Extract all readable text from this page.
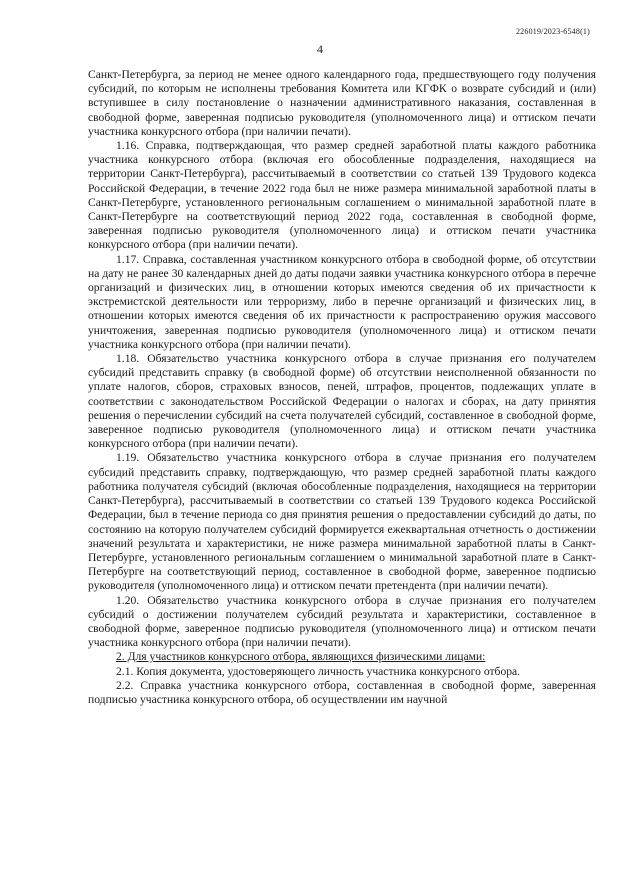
226019/2023-6548(1)
4

Санкт-Петербурга, за период не менее одного календарного года, предшествующего году получения субсидий, по которым не исполнены требования Комитета или КГФК о возврате субсидий и (или) вступившее в силу постановление о назначении административного наказания, составленная в свободной форме, заверенная подписью руководителя (уполномоченного лица) и оттиском печати участника конкурсного отбора (при наличии печати).

1.16. Справка, подтверждающая, что размер средней заработной платы каждого работника участника конкурсного отбора (включая его обособленные подразделения, находящиеся на территории Санкт-Петербурга), рассчитываемый в соответствии со статьей 139 Трудового кодекса Российской Федерации, в течение 2022 года был не ниже размера минимальной заработной платы в Санкт-Петербурге, установленного региональным соглашением о минимальной заработной плате в Санкт-Петербурге на соответствующий период 2022 года, составленная в свободной форме, заверенная подписью руководителя (уполномоченного лица) и оттиском печати участника конкурсного отбора (при наличии печати).

1.17. Справка, составленная участником конкурсного отбора в свободной форме, об отсутствии на дату не ранее 30 календарных дней до даты подачи заявки участника конкурсного отбора в перечне организаций и физических лиц, в отношении которых имеются сведения об их причастности к экстремистской деятельности или терроризму, либо в перечне организаций и физических лиц, в отношении которых имеются сведения об их причастности к распространению оружия массового уничтожения, заверенная подписью руководителя (уполномоченного лица) и оттиском печати участника конкурсного отбора (при наличии печати).

1.18. Обязательство участника конкурсного отбора в случае признания его получателем субсидий представить справку (в свободной форме) об отсутствии неисполненной обязанности по уплате налогов, сборов, страховых взносов, пеней, штрафов, процентов, подлежащих уплате в соответствии с законодательством Российской Федерации о налогах и сборах, на дату принятия решения о перечислении субсидий на счета получателей субсидий, составленное в свободной форме, заверенное подписью руководителя (уполномоченного лица) и оттиском печати участника конкурсного отбора (при наличии печати).

1.19. Обязательство участника конкурсного отбора в случае признания его получателем субсидий представить справку, подтверждающую, что размер средней заработной платы каждого работника получателя субсидий (включая обособленные подразделения, находящиеся на территории Санкт-Петербурга), рассчитываемый в соответствии со статьей 139 Трудового кодекса Российской Федерации, был в течение периода со дня принятия решения о предоставлении субсидий до даты, по состоянию на которую получателем субсидий формируется ежеквартальная отчетность о достижении значений результата и характеристики, не ниже размера минимальной заработной платы в Санкт-Петербурге, установленного региональным соглашением о минимальной заработной плате в Санкт-Петербурге на соответствующий период, составленное в свободной форме, заверенное подписью руководителя (уполномоченного лица) и оттиском печати претендента (при наличии печати).

1.20. Обязательство участника конкурсного отбора в случае признания его получателем субсидий о достижении получателем субсидий результата и характеристики, составленное в свободной форме, заверенное подписью руководителя (уполномоченного лица) и оттиском печати участника конкурсного отбора (при наличии печати).

2. Для участников конкурсного отбора, являющихся физическими лицами:

2.1. Копия документа, удостоверяющего личность участника конкурсного отбора.

2.2. Справка участника конкурсного отбора, составленная в свободной форме, заверенная подписью участника конкурсного отбора, об осуществлении им научной
